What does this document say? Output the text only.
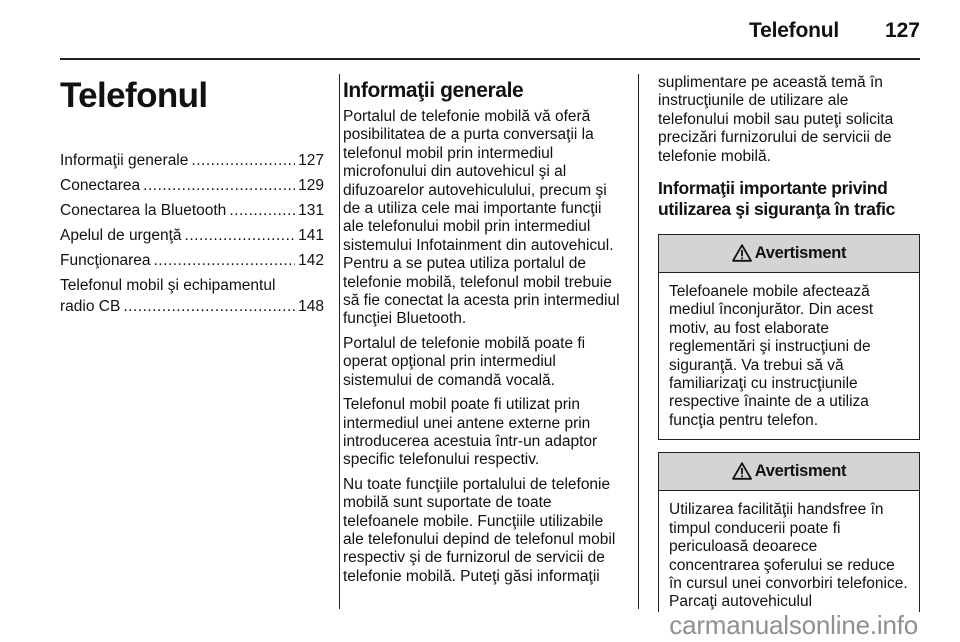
Telefonul 127
Telefonul
Informaţii generale . . .	127
Conectarea . . .	129
Conectarea la Bluetooth . . .	131
Apelul de urgenţă . . .	141
Funcţionarea . . .	142
Telefonul mobil şi echipamentul
radio CB . . .	148
Informaţii generale

Portalul de telefonie mobilă vă oferă posibilitatea de a purta conversaţii la telefonul mobil prin intermediul microfonului din autovehicul şi al difuzoarelor autovehiculului, precum şi de a utiliza cele mai importante funcţii ale telefonului mobil prin intermediul sistemului Infotainment din autovehicul. Pentru a se putea utiliza portalul de telefonie mobilă, telefonul mobil trebuie să fie conectat la acesta prin intermediul funcţiei Bluetooth.

Portalul de telefonie mobilă poate fi operat opţional prin intermediul sistemului de comandă vocală.

Telefonul mobil poate fi utilizat prin intermediul unei antene externe prin introducerea acestuia într-un adaptor specific telefonului respectiv.

Nu toate funcţiile portalului de telefonie mobilă sunt suportate de toate telefoanele mobile. Funcţiile utilizabile ale telefonului depind de telefonul mobil respectiv şi de furnizorul de servicii de telefonie mobilă. Puteţi găsi informaţii

suplimentare pe această temă în instrucţiunile de utilizare ale telefonului mobil sau puteţi solicita precizări furnizorului de servicii de telefonie mobilă.

Informaţii importante privind utilizarea şi siguranţa în trafic
Avertisment
Telefoanele mobile afectează mediul înconjurător. Din acest motiv, au fost elaborate reglementări şi instrucţiuni de siguranţă. Va trebui să vă familiarizaţi cu instrucţiunile respective înainte de a utiliza funcţia pentru telefon.
Avertisment
Utilizarea facilităţii handsfree în timpul conducerii poate fi periculoasă deoarece concentrarea şoferului se reduce în cursul unei convorbiri telefonice. Parcaţi autovehiculul
carmanualsonline.info
